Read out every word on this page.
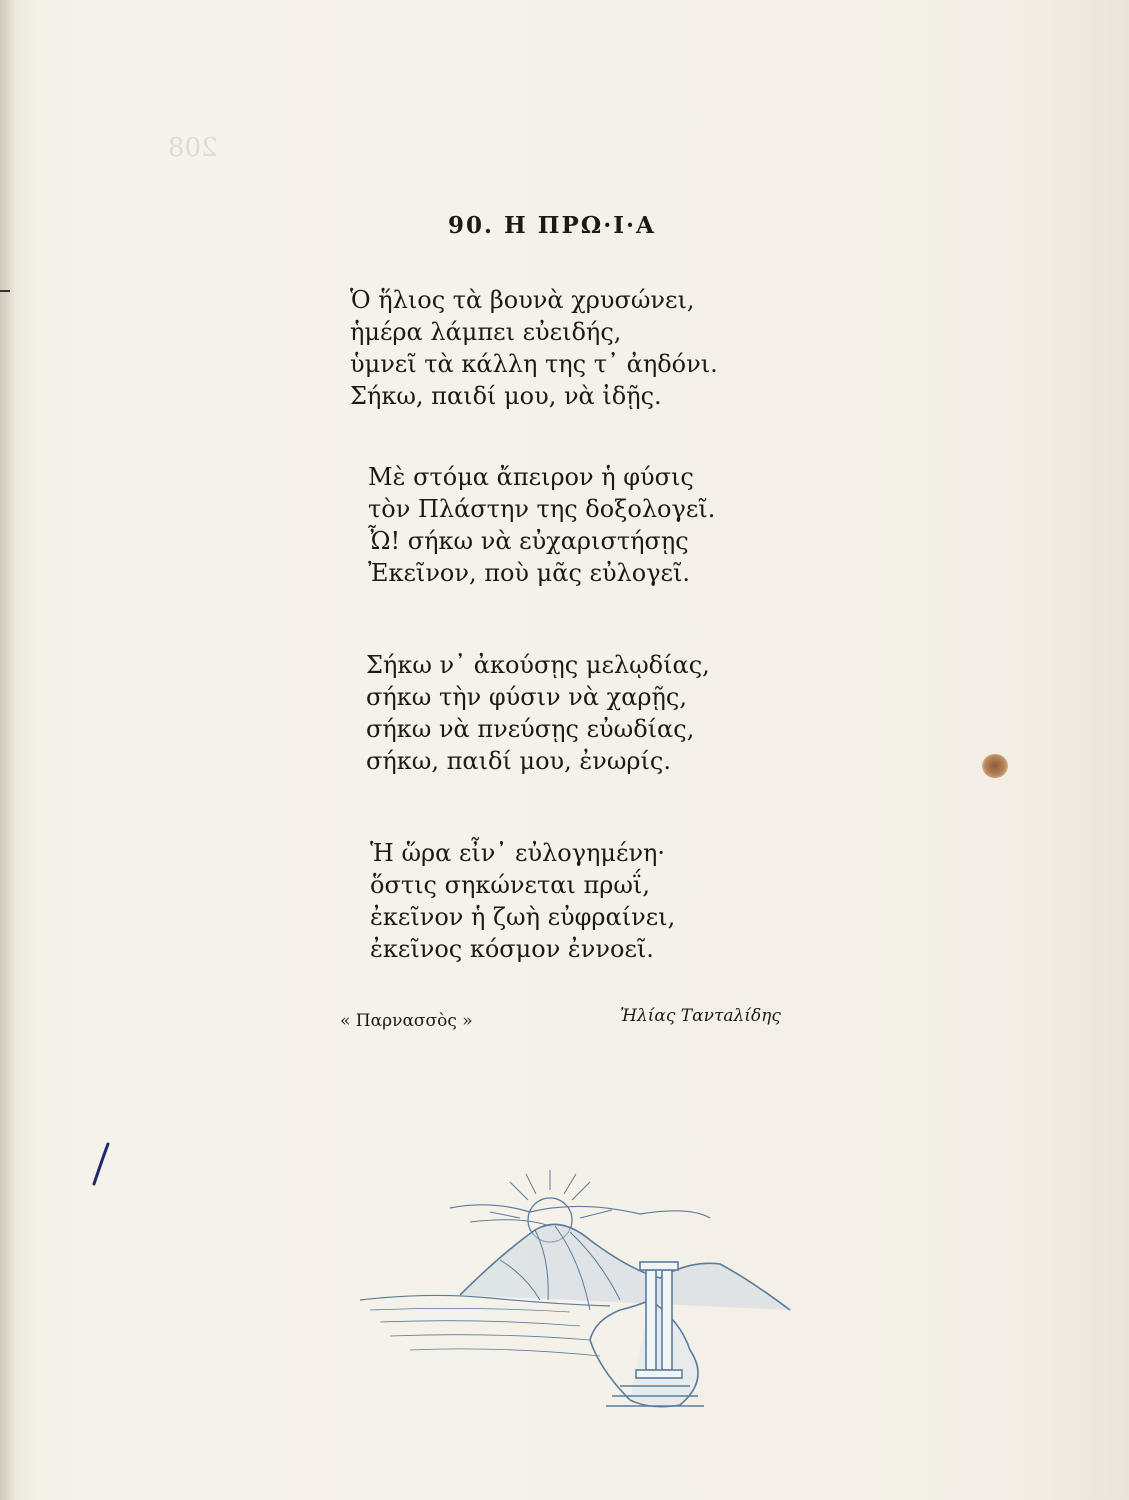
208
90. Η ΠΡΩ·Ι·Α
Ὁ ἥλιος τὰ βουνὰ χρυσώνει,
ἡμέρα λάμπει εὐειδής,
ὑμνεῖ τὰ κάλλη της τ᾽ ἀηδόνι.
Σήκω, παιδί μου, νὰ ἰδῇς.
Μὲ στόμα ἄπειρον ἡ φύσις
τὸν Πλάστην της δοξολογεῖ.
Ὦ! σήκω νὰ εὐχαριστήσῃς
Ἐκεῖνον, ποὺ μᾶς εὐλογεῖ.
Σήκω ν᾽ ἀκούσῃς μελῳδίας,
σήκω τὴν φύσιν νὰ χαρῇς,
σήκω νὰ πνεύσῃς εὐωδίας,
σήκω, παιδί μου, ἐνωρίς.
Ἡ ὥρα εἶν᾽ εὐλογημένη·
ὅστις σηκώνεται πρωΐ,
ἐκεῖνον ἡ ζωὴ εὐφραίνει,
ἐκεῖνος κόσμον ἐννοεῖ.
« Παρνασσὸς »	Ἠλίας Ταντaλίδης
